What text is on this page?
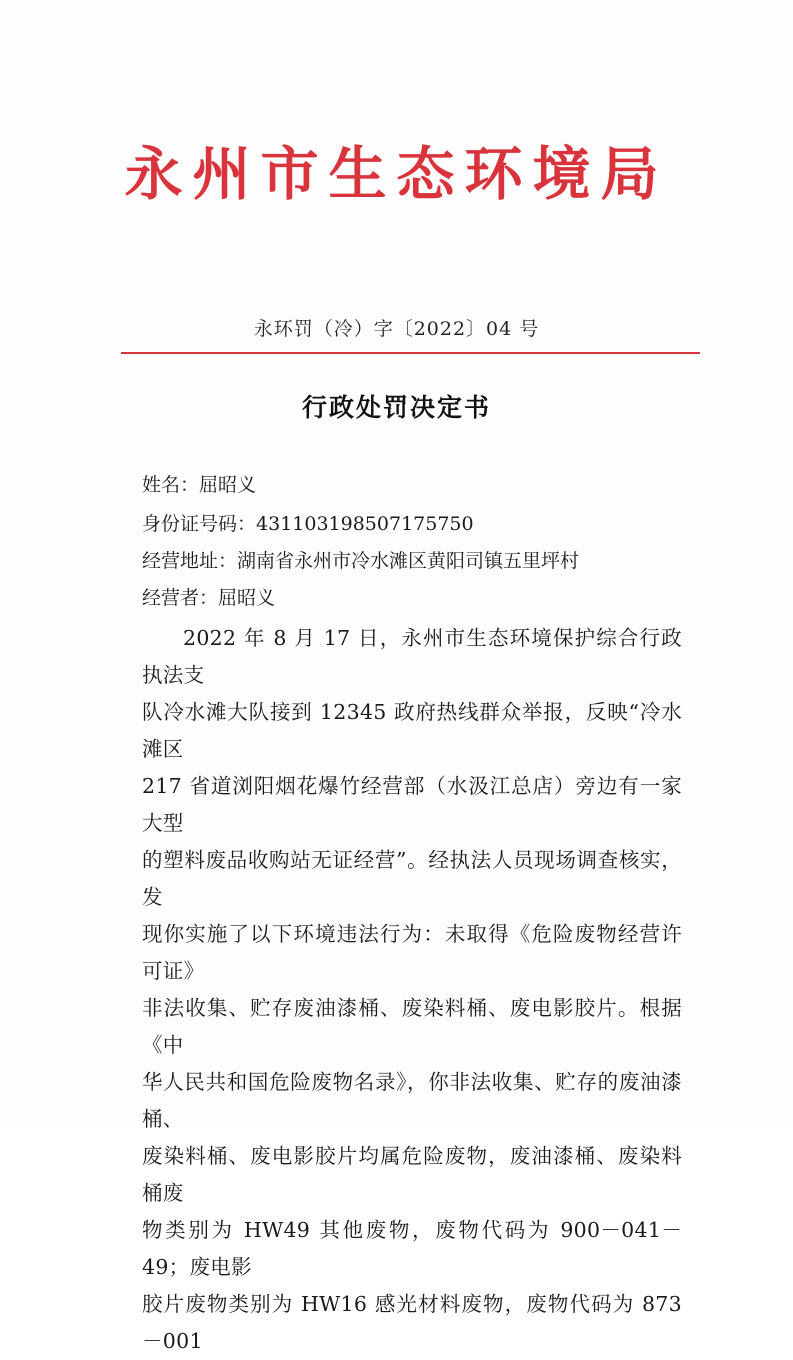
永州市生态环境局
永环罚（冷）字〔2022〕04 号
行政处罚决定书
姓名：屈昭义
身份证号码：431103198507175750
经营地址：湖南省永州市冷水滩区黄阳司镇五里坪村
经营者：屈昭义
2022 年 8 月 17 日，永州市生态环境保护综合行政执法支
队冷水滩大队接到 12345 政府热线群众举报，反映“冷水滩区
217 省道浏阳烟花爆竹经营部（水汲江总店）旁边有一家大型
的塑料废品收购站无证经营”。经执法人员现场调查核实，发
现你实施了以下环境违法行为：未取得《危险废物经营许可证》
非法收集、贮存废油漆桶、废染料桶、废电影胶片。根据《中
华人民共和国危险废物名录》，你非法收集、贮存的废油漆桶、
废染料桶、废电影胶片均属危险废物，废油漆桶、废染料桶废
物类别为 HW49 其他废物，废物代码为 900－041－49；废电影
胶片废物类别为 HW16 感光材料废物，废物代码为 873－001
